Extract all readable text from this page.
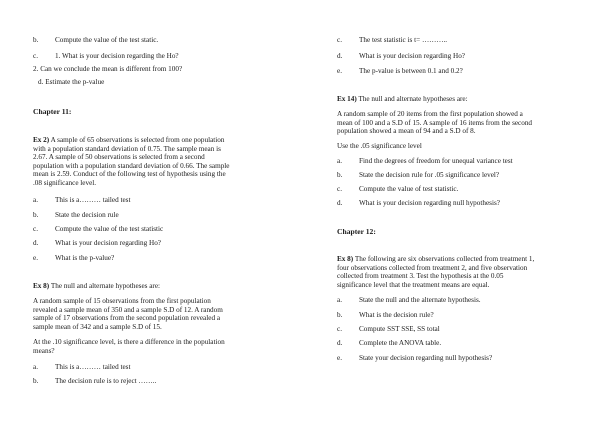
b. Compute the value of the test static.
c. 1. What is your decision regarding the Ho?
2. Can we conclude the mean is different from 100?
d. Estimate the p-value
Chapter 11:
Ex 2) A sample of 65 observations is selected from one population
with a population standard deviation of 0.75. The sample mean is
2.67. A sample of 50 observations is selected from a second
population with a population standard deviation of 0.66. The sample
mean is 2.59. Conduct of the following test of hypothesis using the
.08 significance level.
a. This is a……… tailed test
b. State the decision rule
c. Compute the value of the test statistic
d. What is your decision regarding Ho?
e. What is the p-value?
Ex 8) The null and alternate hypotheses are:
A random sample of 15 observations from the first population
revealed a sample mean of 350 and a sample S.D of 12. A random
sample of 17 observations from the second population revealed a
sample mean of 342 and a sample S.D of 15.
At the .10 significance level, is there a difference in the population
means?
a. This is a……… tailed test
b. The decision rule is to reject ……..
c. The test statistic is t= ………..
d. What is your decision regarding Ho?
e. The p-value is between 0.1 and 0.2?
Ex 14) The null and alternate hypotheses are:
A random sample of 20 items from the first population showed a
mean of 100 and a S.D of 15. A sample of 16 items from the second
population showed a mean of 94 and a S.D of 8.
Use the .05 significance level
a. Find the degrees of freedom for unequal variance test
b. State the decision rule for .05 significance level?
c. Compute the value of test statistic.
d. What is your decision regarding null hypothesis?
Chapter 12:
Ex 8) The following are six observations collected from treatment 1,
four observations collected from treatment 2, and five observation
collected from treatment 3. Test the hypothesis at the 0.05
significance level that the treatment means are equal.
a. State the null and the alternate hypothesis.
b. What is the decision rule?
c. Compute SST SSE, SS total
d. Complete the ANOVA table.
e. State your decision regarding null hypothesis?
